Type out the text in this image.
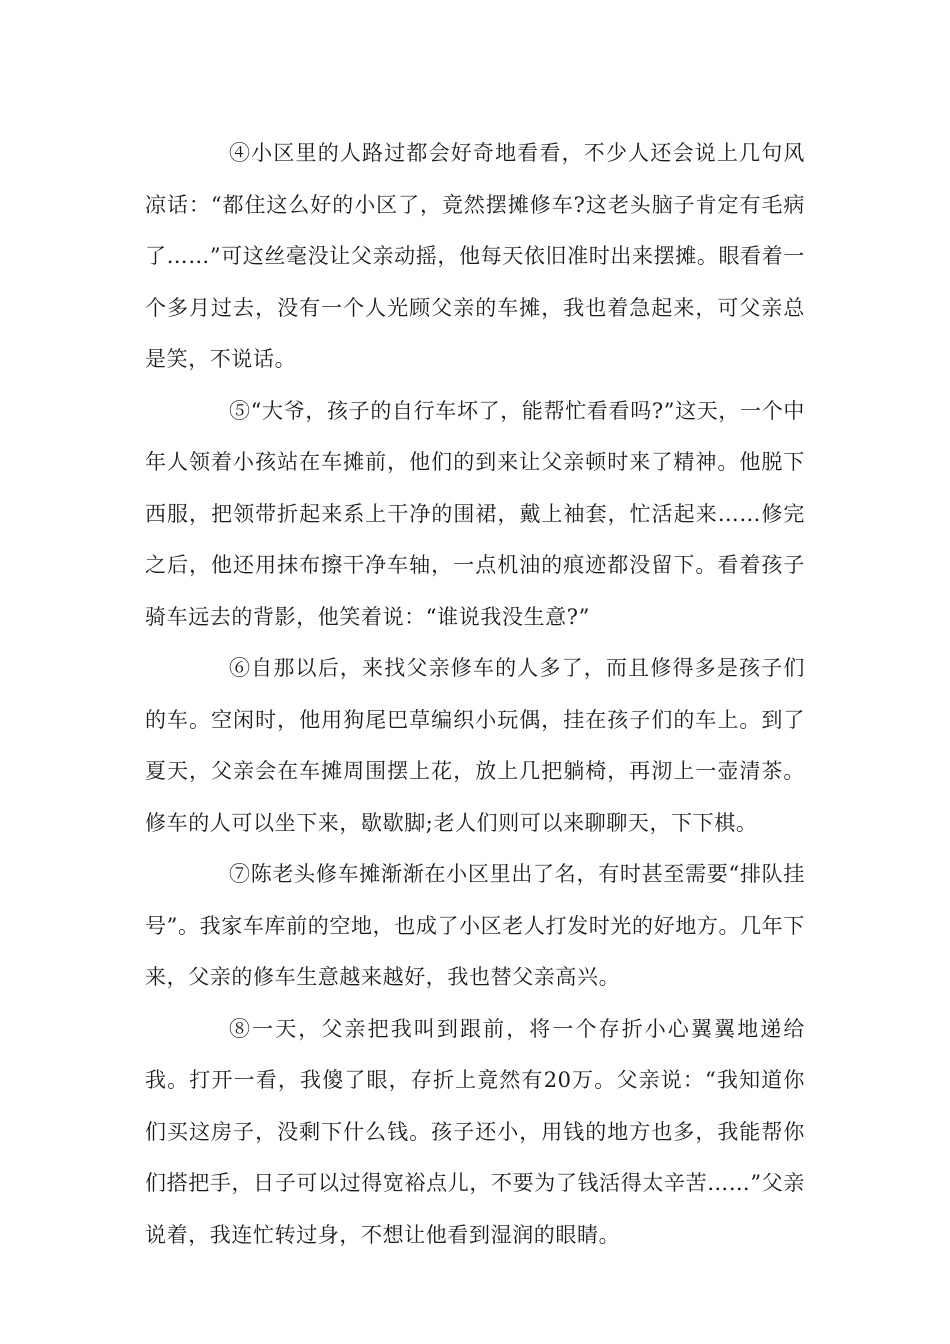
④小区里的人路过都会好奇地看看，不少人还会说上几句风凉话：“都住这么好的小区了，竟然摆摊修车?这老头脑子肯定有毛病了……”可这丝毫没让父亲动摇，他每天依旧准时出来摆摊。眼看着一个多月过去，没有一个人光顾父亲的车摊，我也着急起来，可父亲总是笑，不说话。

⑤“大爷，孩子的自行车坏了，能帮忙看看吗?”这天，一个中年人领着小孩站在车摊前，他们的到来让父亲顿时来了精神。他脱下西服，把领带折起来系上干净的围裙，戴上袖套，忙活起来……修完之后，他还用抹布擦干净车轴，一点机油的痕迹都没留下。看着孩子骑车远去的背影，他笑着说：“谁说我没生意?”

⑥自那以后，来找父亲修车的人多了，而且修得多是孩子们的车。空闲时，他用狗尾巴草编织小玩偶，挂在孩子们的车上。到了夏天，父亲会在车摊周围摆上花，放上几把躺椅，再沏上一壶清茶。修车的人可以坐下来，歇歇脚;老人们则可以来聊聊天，下下棋。

⑦陈老头修车摊渐渐在小区里出了名，有时甚至需要“排队挂号”。我家车库前的空地，也成了小区老人打发时光的好地方。几年下来，父亲的修车生意越来越好，我也替父亲高兴。

⑧一天，父亲把我叫到跟前，将一个存折小心翼翼地递给我。打开一看，我傻了眼，存折上竟然有20万。父亲说：“我知道你们买这房子，没剩下什么钱。孩子还小，用钱的地方也多，我能帮你们搭把手，日子可以过得宽裕点儿，不要为了钱活得太辛苦……”父亲说着，我连忙转过身，不想让他看到湿润的眼睛。
